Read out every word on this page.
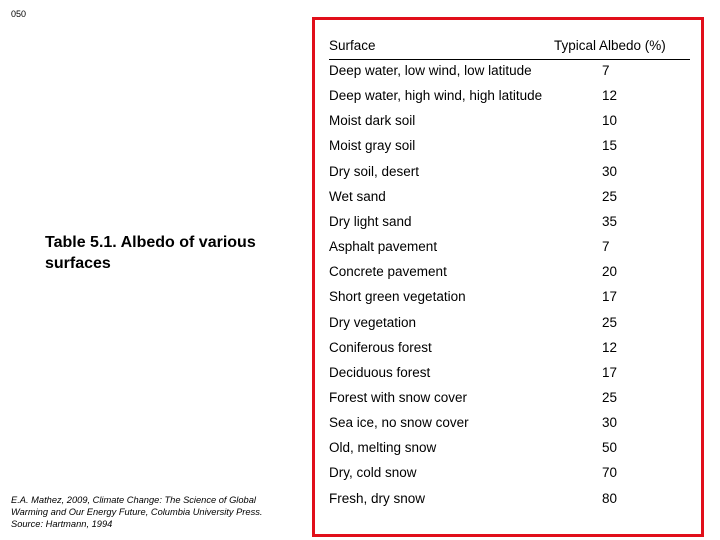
050
Table 5.1. Albedo of various surfaces
E.A. Mathez, 2009, Climate Change: The Science of Global Warming and Our Energy Future, Columbia University Press. Source: Hartmann, 1994
Surface	Typical Albedo (%)
Deep water, low wind, low latitude	7
Deep water, high wind, high latitude	12
Moist dark soil	10
Moist gray soil	15
Dry soil, desert	30
Wet sand	25
Dry light sand	35
Asphalt pavement	7
Concrete pavement	20
Short green vegetation	17
Dry vegetation	25
Coniferous forest	12
Deciduous forest	17
Forest with snow cover	25
Sea ice, no snow cover	30
Old, melting snow	50
Dry, cold snow	70
Fresh, dry snow	80
